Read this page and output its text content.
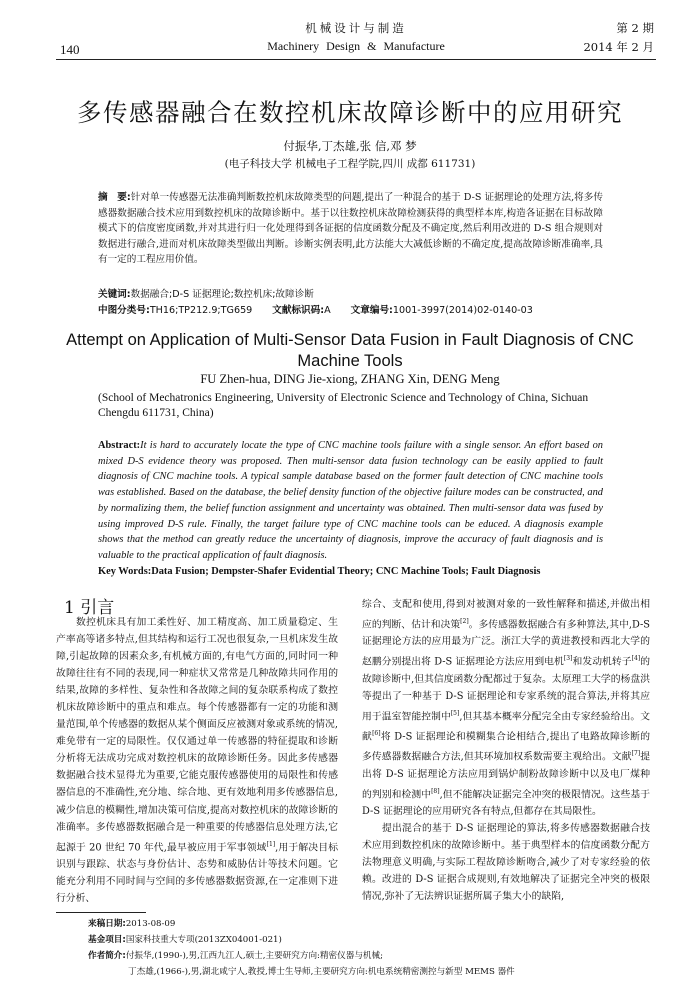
机械设计与制造
Machinery Design & Manufacture
140
第 2 期
2014 年 2 月
多传感器融合在数控机床故障诊断中的应用研究
付振华,丁杰雄,张 信,邓 梦
(电子科技大学 机械电子工程学院,四川 成都 611731)
摘　要:针对单一传感器无法准确判断数控机床故障类型的问题,提出了一种混合的基于 D-S 证据理论的处理方法,将多传感器数据融合技术应用到数控机床的故障诊断中。基于以往数控机床故障检测获得的典型样本库,构造各证据在目标故障模式下的信度密度函数,并对其进行归一化处理得到各证据的信度函数分配及不确定度,然后利用改进的 D-S 组合规则对数据进行融合,进而对机床故障类型做出判断。诊断实例表明,此方法能大大减低诊断的不确定度,提高故障诊断准确率,具有一定的工程应用价值。
关键词:数据融合;D-S 证据理论;数控机床;故障诊断
中图分类号:TH16;TP212.9;TG659 文献标识码:A 文章编号:1001-3997(2014)02-0140-03
Attempt on Application of Multi-Sensor Data Fusion in Fault Diagnosis of CNC Machine Tools
FU Zhen-hua, DING Jie-xiong, ZHANG Xin, DENG Meng
(School of Mechatronics Engineering, University of Electronic Science and Technology of China, Sichuan Chengdu 611731, China)
Abstract:It is hard to accurately locate the type of CNC machine tools failure with a single sensor. An effort based on mixed D-S evidence theory was proposed. Then multi-sensor data fusion technology can be easily applied to fault diagnosis of CNC machine tools. A typical sample database based on the former fault detection of CNC machine tools was established. Based on the database, the belief density function of the objective failure modes can be constructed, and by normalizing them, the belief function assignment and uncertainty was obtained. Then multi-sensor data was fused by using improved D-S rule. Finally, the target failure type of CNC machine tools can be educed. A diagnosis example shows that the method can greatly reduce the uncertainty of diagnosis, improve the accuracy of fault diagnosis and is valuable to the practical application of fault diagnosis.
Key Words:Data Fusion; Dempster-Shafer Evidential Theory; CNC Machine Tools; Fault Diagnosis
1 引言
数控机床具有加工柔性好、加工精度高、加工质量稳定、生产率高等诸多特点,但其结构和运行工况也很复杂,一旦机床发生故障,引起故障的因素众多,有机械方面的,有电气方面的,同时同一种故障往往有不同的表现,同一种症状又常常是几种故障共同作用的结果,故障的多样性、复杂性和各故障之间的复杂联系构成了数控机床故障诊断中的重点和难点。每个传感器都有一定的功能和测量范围,单个传感器的数据从某个侧面反应被测对象或系统的情况,难免带有一定的局限性。仅仅通过单一传感器的特征提取和诊断分析将无法成功完成对数控机床的故障诊断任务。因此多传感器数据融合技术显得尤为重要,它能克服传感器使用的局限性和传感器信息的不准确性,充分地、综合地、更有效地利用多传感器信息,减少信息的模糊性,增加决策可信度,提高对数控机床的故障诊断的准确率。多传感器数据融合是一种重要的传感器信息处理方法,它起源于 20 世纪 70 年代,最早被应用于军事领域[1],用于解决目标识别与跟踪、状态与身份估计、态势和威胁估计等技术问题。它能充分利用不同时间与空间的多传感器数据资源,在一定准则下进行分析、

综合、支配和使用,得到对被测对象的一致性解释和描述,并做出相应的判断、估计和决策[2]。多传感器数据融合有多种算法,其中,D-S 证据理论方法的应用最为广泛。浙江大学的黄进教授和西北大学的赵鹏分别提出将 D-S 证据理论方法应用到电机[3]和发动机转子[4]的故障诊断中,但其信度函数分配都过于复杂。太原理工大学的杨盘洪等提出了一种基于 D-S 证据理论和专家系统的混合算法,并将其应用于温室智能控制中[5],但其基本概率分配完全由专家经验给出。文献[6]将 D-S 证据理论和模糊集合论相结合,提出了电路故障诊断的多传感器数据融合方法,但其环境加权系数需要主观给出。文献[7]提出将 D-S 证据理论方法应用到锅炉制粉故障诊断中以及电厂煤种的判别和检测中[8],但不能解决证据完全冲突的极限情况。这些基于 D-S 证据理论的应用研究各有特点,但都存在其局限性。

提出混合的基于 D-S 证据理论的算法,将多传感器数据融合技术应用到数控机床的故障诊断中。基于典型样本的信度函数分配方法物理意义明确,与实际工程故障诊断吻合,减少了对专家经验的依赖。改进的 D-S 证据合成规则,有效地解决了证据完全冲突的极限情况,弥补了无法辨识证据所属子集大小的缺陷,

来稿日期:2013-08-09
基金项目:国家科技重大专项(2013ZX04001-021)
作者简介:付振华,(1990-),男,江西九江人,硕士,主要研究方向:精密仪器与机械;
丁杰雄,(1966-),男,湖北咸宁人,教授,博士生导师,主要研究方向:机电系统精密测控与新型 MEMS 器件
